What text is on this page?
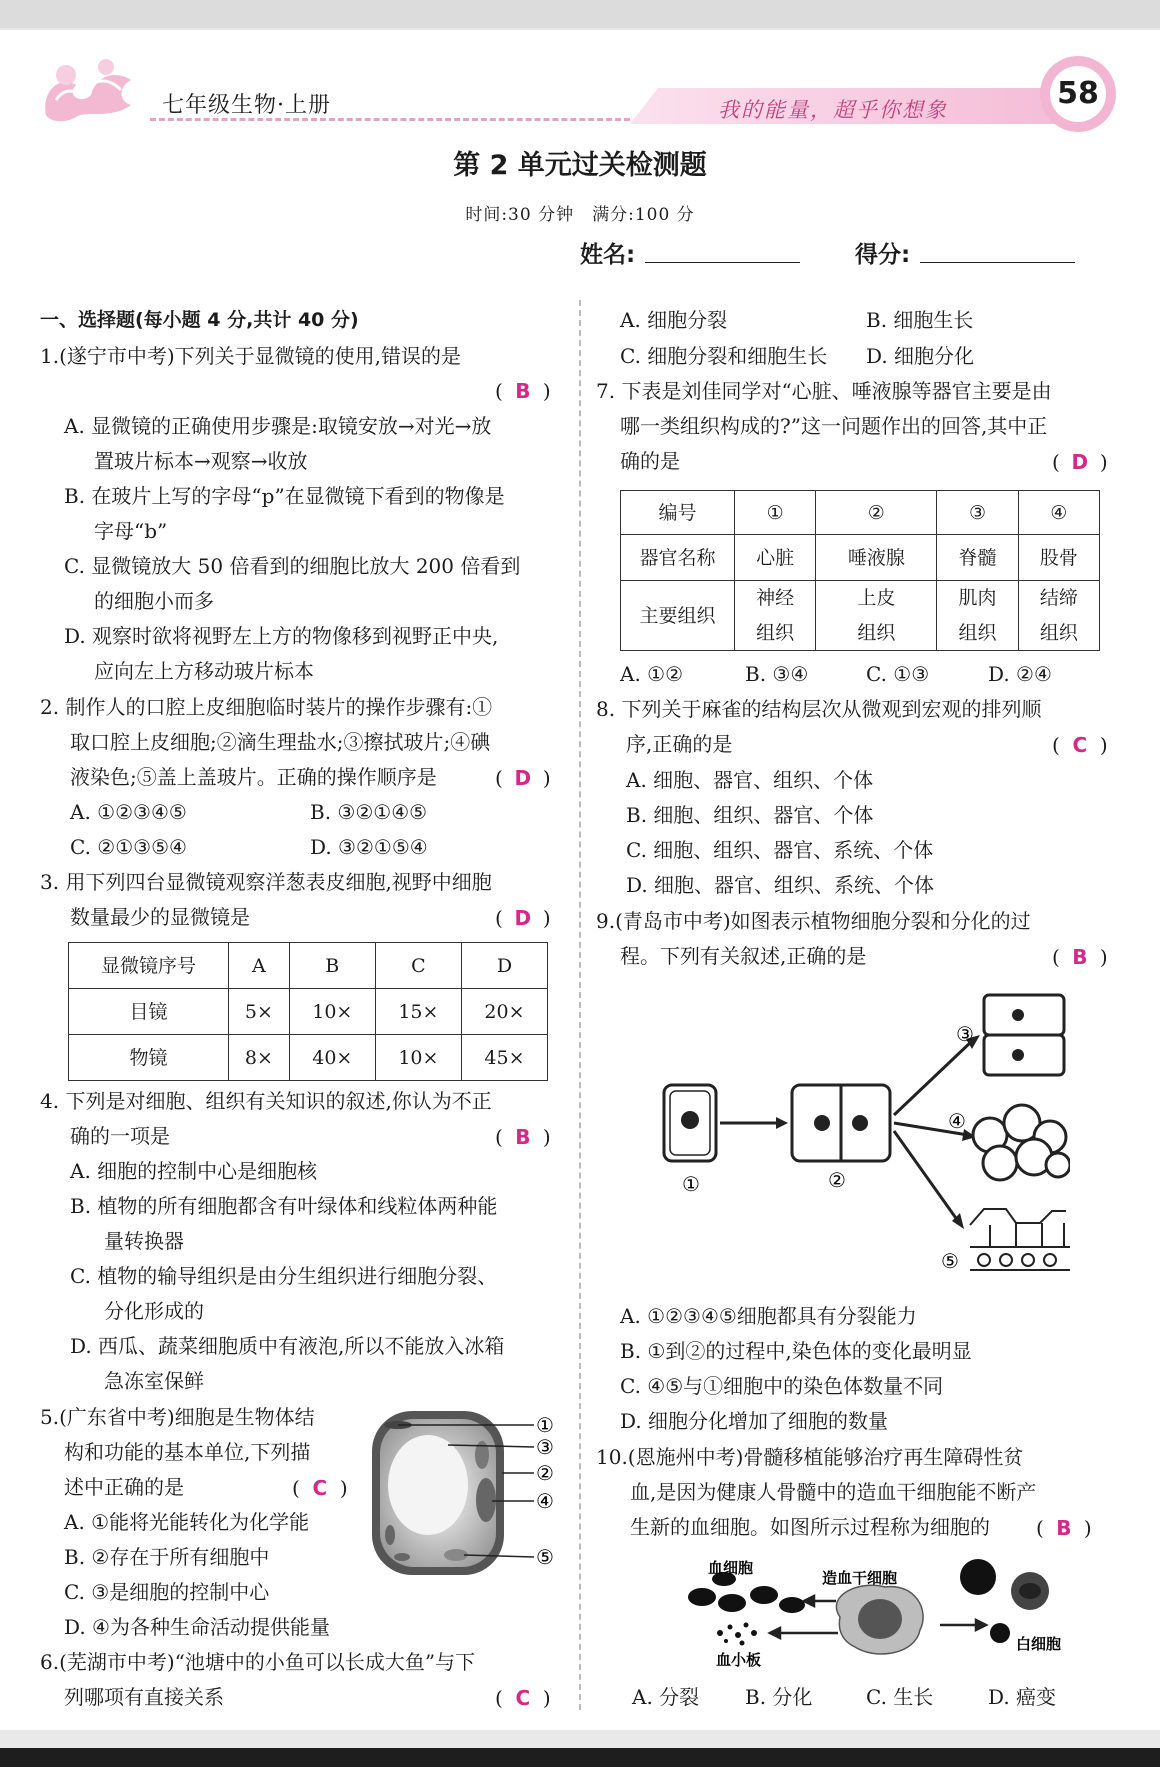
七年级生物·上册	我的能量，超乎你想象	58
第 2 单元过关检测题
时间:30 分钟　满分:100 分
姓名:	得分:
一、选择题(每小题 4 分,共计 40 分)
1.(遂宁市中考)下列关于显微镜的使用,错误的是
( B )
A. 显微镜的正确使用步骤是:取镜安放→对光→放
置玻片标本→观察→收放
B. 在玻片上写的字母“p”在显微镜下看到的物像是
字母“b”
C. 显微镜放大 50 倍看到的细胞比放大 200 倍看到
的细胞小而多
D. 观察时欲将视野左上方的物像移到视野正中央,
应向左上方移动玻片标本
2. 制作人的口腔上皮细胞临时装片的操作步骤有:①
取口腔上皮细胞;②滴生理盐水;③擦拭玻片;④碘
液染色;⑤盖上盖玻片。正确的操作顺序是	( D )
A. ①②③④⑤	B. ③②①④⑤
C. ②①③⑤④	D. ③②①⑤④
3. 用下列四台显微镜观察洋葱表皮细胞,视野中细胞
数量最少的显微镜是	( D )
显微镜序号	A	B	C	D
目镜	5×	10×	15×	20×
物镜	8×	40×	10×	45×
4. 下列是对细胞、组织有关知识的叙述,你认为不正
确的一项是	( B )
A. 细胞的控制中心是细胞核
B. 植物的所有细胞都含有叶绿体和线粒体两种能
量转换器
C. 植物的输导组织是由分生组织进行细胞分裂、
分化形成的
D. 西瓜、蔬菜细胞质中有液泡,所以不能放入冰箱
急冻室保鲜
5.(广东省中考)细胞是生物体结
构和功能的基本单位,下列描
述中正确的是	( C )
A. ①能将光能转化为化学能
B. ②存在于所有细胞中
C. ③是细胞的控制中心
D. ④为各种生命活动提供能量
①
③
②
④
⑤
6.(芜湖市中考)“池塘中的小鱼可以长成大鱼”与下
列哪项有直接关系	( C )
A. 细胞分裂	B. 细胞生长
C. 细胞分裂和细胞生长 D. 细胞分化
7. 下表是刘佳同学对“心脏、唾液腺等器官主要是由
哪一类组织构成的?”这一问题作出的回答,其中正
确的是	( D )
编号	①	②	③	④
器官名称	心脏	唾液腺	脊髓	股骨
主要组织	神经	上皮	肌肉	结缔
	组织	组织	组织	组织
A. ①②	B. ③④	C. ①③	D. ②④
8. 下列关于麻雀的结构层次从微观到宏观的排列顺
序,正确的是	( C )
A. 细胞、器官、组织、个体
B. 细胞、组织、器官、个体
C. 细胞、组织、器官、系统、个体
D. 细胞、器官、组织、系统、个体
9.(青岛市中考)如图表示植物细胞分裂和分化的过
程。下列有关叙述,正确的是	( B )
①	②
③
④
⑤
A. ①②③④⑤细胞都具有分裂能力
B. ①到②的过程中,染色体的变化最明显
C. ④⑤与①细胞中的染色体数量不同
D. 细胞分化增加了细胞的数量
10.(恩施州中考)骨髓移植能够治疗再生障碍性贫
血,是因为健康人骨髓中的造血干细胞能不断产
生新的血细胞。如图所示过程称为细胞的 ( B )
血细胞
造血干细胞
血小板
白细胞
A. 分裂 B. 分化	C. 生长	D. 癌变
